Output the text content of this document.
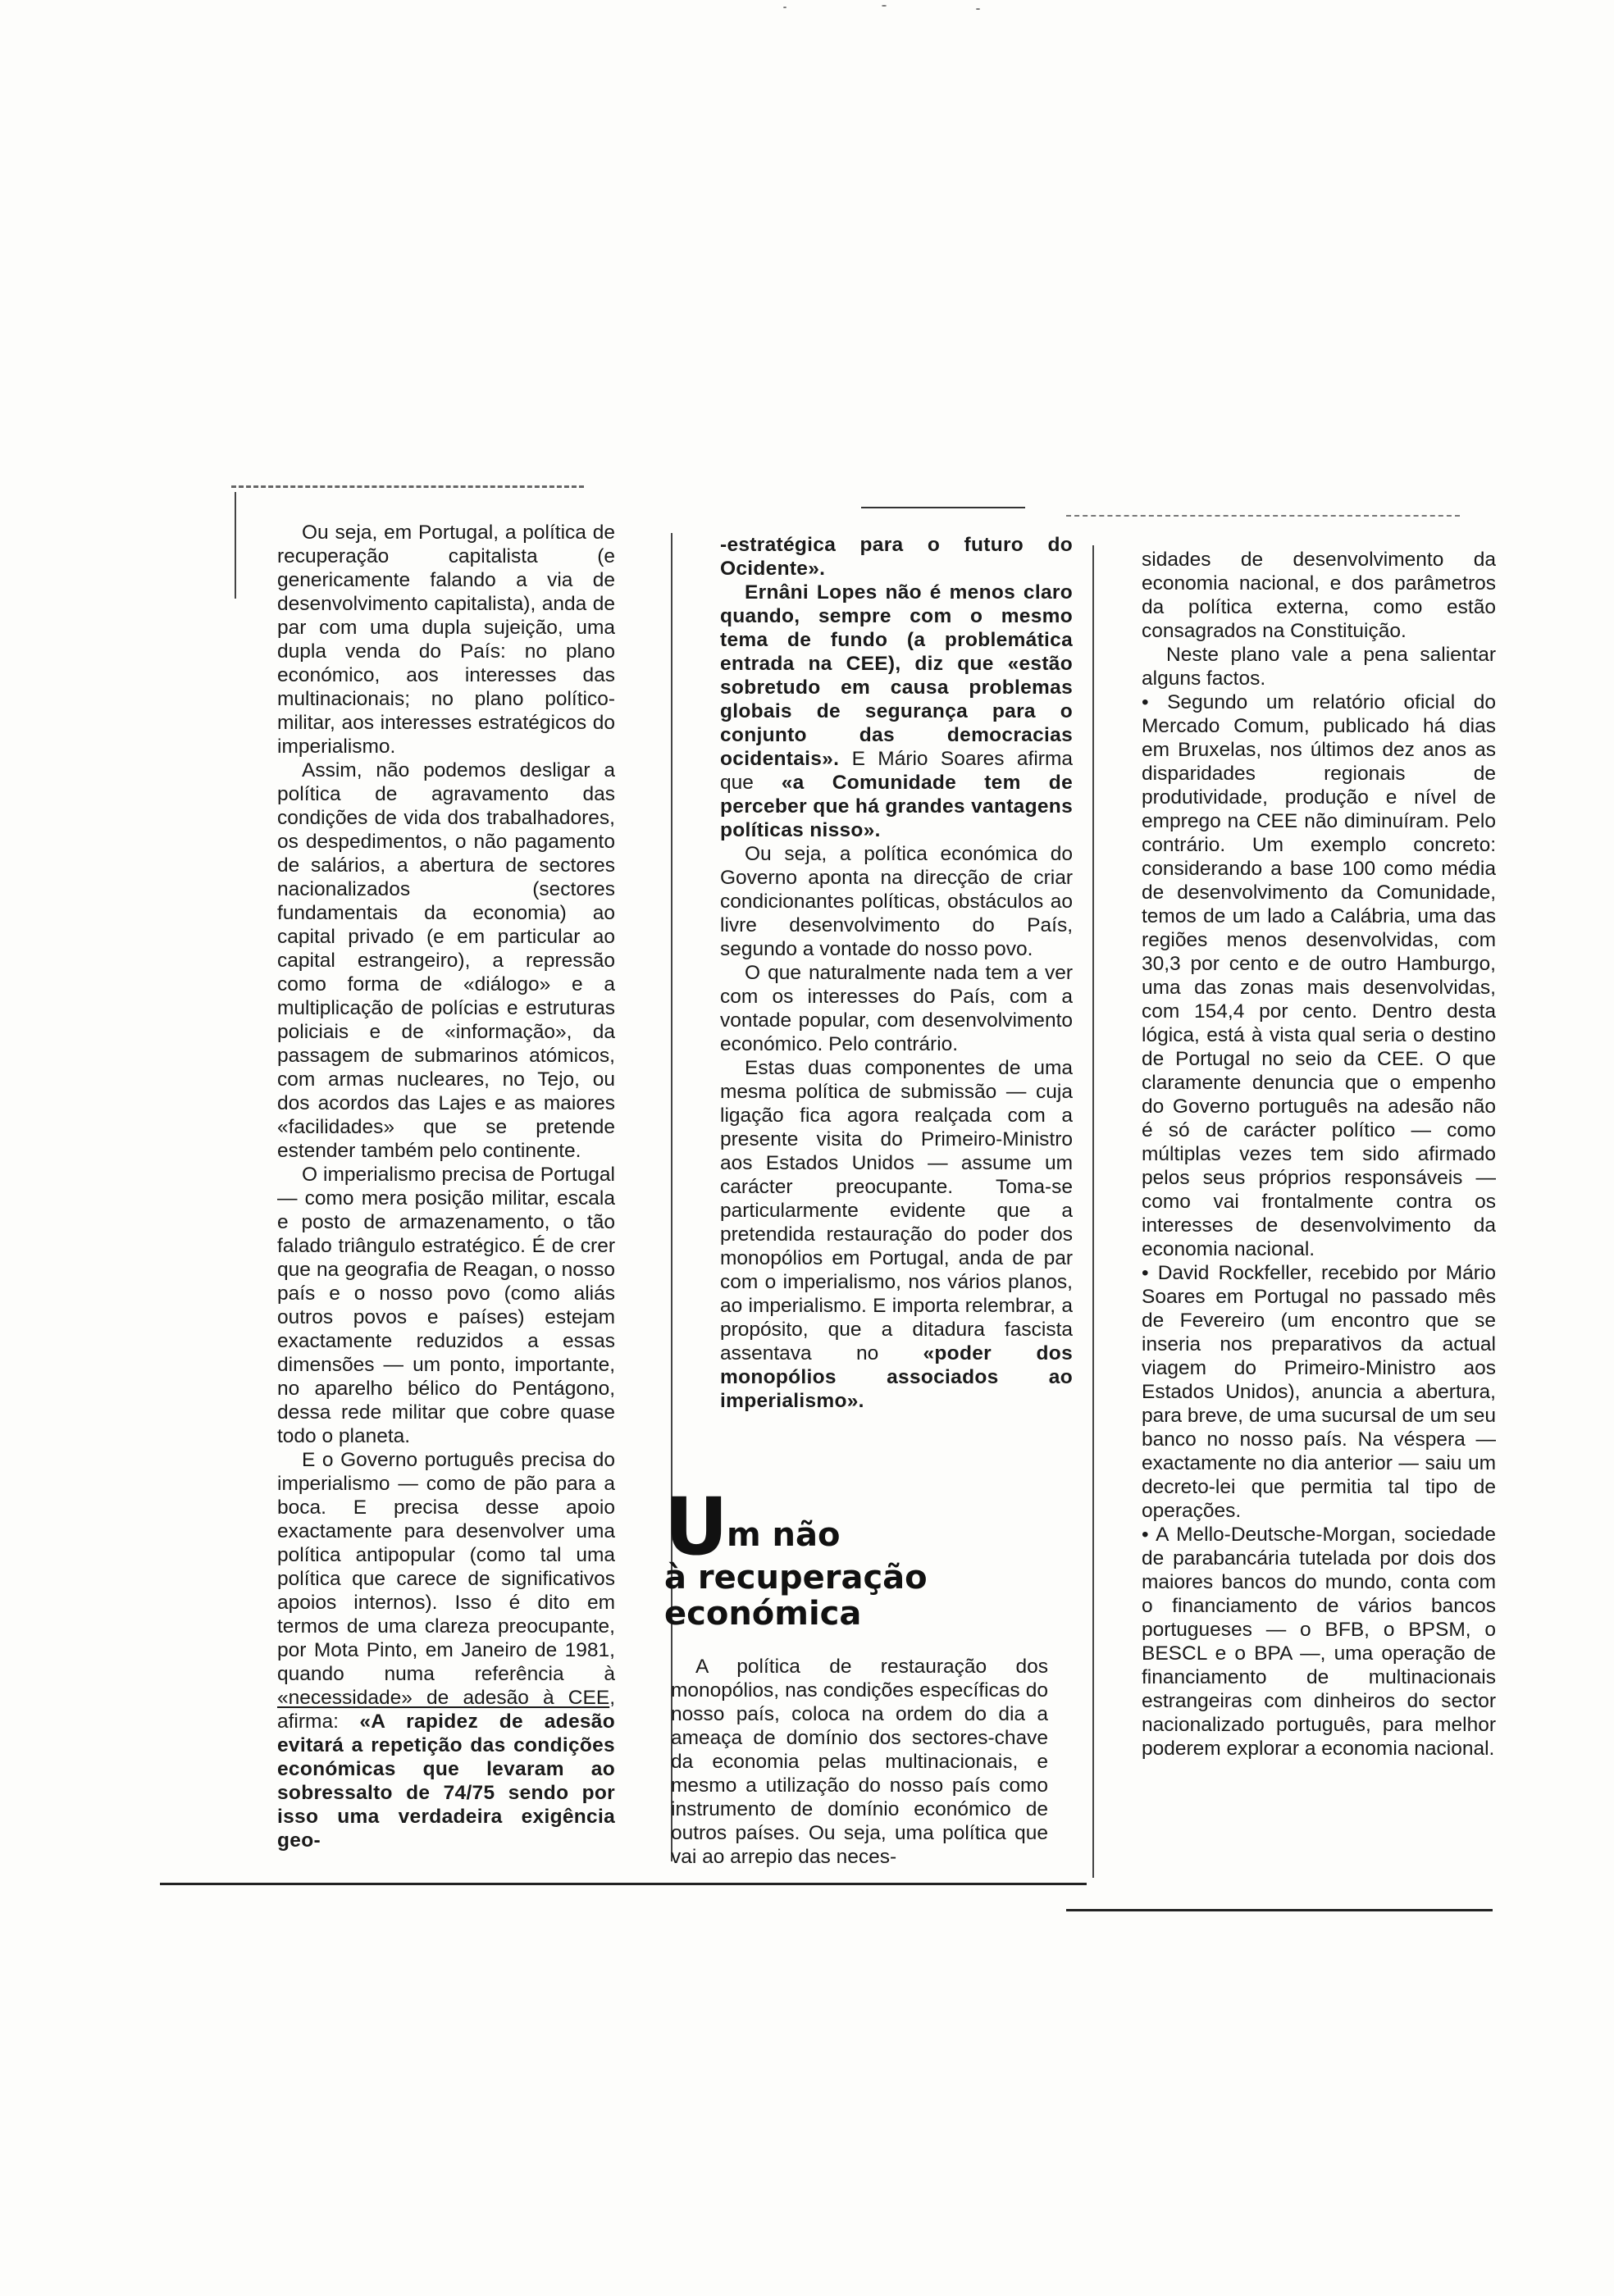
Ou seja, em Portugal, a política de recuperação capitalista (e genericamente falando a via de desenvolvimento capitalista), anda de par com uma dupla sujeição, uma dupla venda do País: no plano económico, aos interesses das multinacionais; no plano político-militar, aos interesses estratégicos do imperialismo.

Assim, não podemos desligar a política de agravamento das condições de vida dos trabalhadores, os despedimentos, o não pagamento de salários, a abertura de sectores nacionalizados (sectores fundamentais da economia) ao capital privado (e em particular ao capital estrangeiro), a repressão como forma de «diálogo» e a multiplicação de polícias e estruturas policiais e de «informação», da passagem de submarinos atómicos, com armas nucleares, no Tejo, ou dos acordos das Lajes e as maiores «facilidades» que se pretende estender também pelo continente.

O imperialismo precisa de Portugal — como mera posição militar, escala e posto de armazenamento, o tão falado triângulo estratégico. É de crer que na geografia de Reagan, o nosso país e o nosso povo (como aliás outros povos e países) estejam exactamente reduzidos a essas dimensões — um ponto, importante, no aparelho bélico do Pentágono, dessa rede militar que cobre quase todo o planeta.

E o Governo português precisa do imperialismo — como de pão para a boca. E precisa desse apoio exactamente para desenvolver uma política antipopular (como tal uma política que carece de significativos apoios internos). Isso é dito em termos de uma clareza preocupante, por Mota Pinto, em Janeiro de 1981, quando numa referência à «necessidade» de adesão à CEE, afirma: «A rapidez de adesão evitará a repetição das condições económicas que levaram ao sobressalto de 74/75 sendo por isso uma verdadeira exigência geo-

-estratégica para o futuro do Ocidente».

Ernâni Lopes não é menos claro quando, sempre com o mesmo tema de fundo (a problemática entrada na CEE), diz que «estão sobretudo em causa problemas globais de segurança para o conjunto das democracias ocidentais». E Mário Soares afirma que «a Comunidade tem de perceber que há grandes vantagens políticas nisso».

Ou seja, a política económica do Governo aponta na direcção de criar condicionantes políticas, obstáculos ao livre desenvolvimento do País, segundo a vontade do nosso povo.

O que naturalmente nada tem a ver com os interesses do País, com a vontade popular, com desenvolvimento económico. Pelo contrário.

Estas duas componentes de uma mesma política de submissão — cuja ligação fica agora realçada com a presente visita do Primeiro-Ministro aos Estados Unidos — assume um carácter preocupante. Toma-se particularmente evidente que a pretendida restauração do poder dos monopólios em Portugal, anda de par com o imperialismo, nos vários planos, ao imperialismo. E importa relembrar, a propósito, que a ditadura fascista assentava no «poder dos monopólios associados ao imperialismo».

Um não
à recuperação
económica

A política de restauração dos monopólios, nas condições específicas do nosso país, coloca na ordem do dia a ameaça de domínio dos sectores-chave da economia pelas multinacionais, e mesmo a utilização do nosso país como instrumento de domínio económico de outros países. Ou seja, uma política que vai ao arrepio das neces-

sidades de desenvolvimento da economia nacional, e dos parâmetros da política externa, como estão consagrados na Constituição.

Neste plano vale a pena salientar alguns factos.

• Segundo um relatório oficial do Mercado Comum, publicado há dias em Bruxelas, nos últimos dez anos as disparidades regionais de produtividade, produção e nível de emprego na CEE não diminuíram. Pelo contrário. Um exemplo concreto: considerando a base 100 como média de desenvolvimento da Comunidade, temos de um lado a Calábria, uma das regiões menos desenvolvidas, com 30,3 por cento e de outro Hamburgo, uma das zonas mais desenvolvidas, com 154,4 por cento. Dentro desta lógica, está à vista qual seria o destino de Portugal no seio da CEE. O que claramente denuncia que o empenho do Governo português na adesão não é só de carácter político — como múltiplas vezes tem sido afirmado pelos seus próprios responsáveis — como vai frontalmente contra os interesses de desenvolvimento da economia nacional.

• David Rockfeller, recebido por Mário Soares em Portugal no passado mês de Fevereiro (um encontro que se inseria nos preparativos da actual viagem do Primeiro-Ministro aos Estados Unidos), anuncia a abertura, para breve, de uma sucursal de um seu banco no nosso país. Na véspera — exactamente no dia anterior — saiu um decreto-lei que permitia tal tipo de operações.

• A Mello-Deutsche-Morgan, sociedade de parabancária tutelada por dois dos maiores bancos do mundo, conta com o financiamento de vários bancos portugueses — o BFB, o BPSM, o BESCL e o BPA —, uma operação de financiamento de multinacionais estrangeiras com dinheiros do sector nacionalizado português, para melhor poderem explorar a economia nacional.
